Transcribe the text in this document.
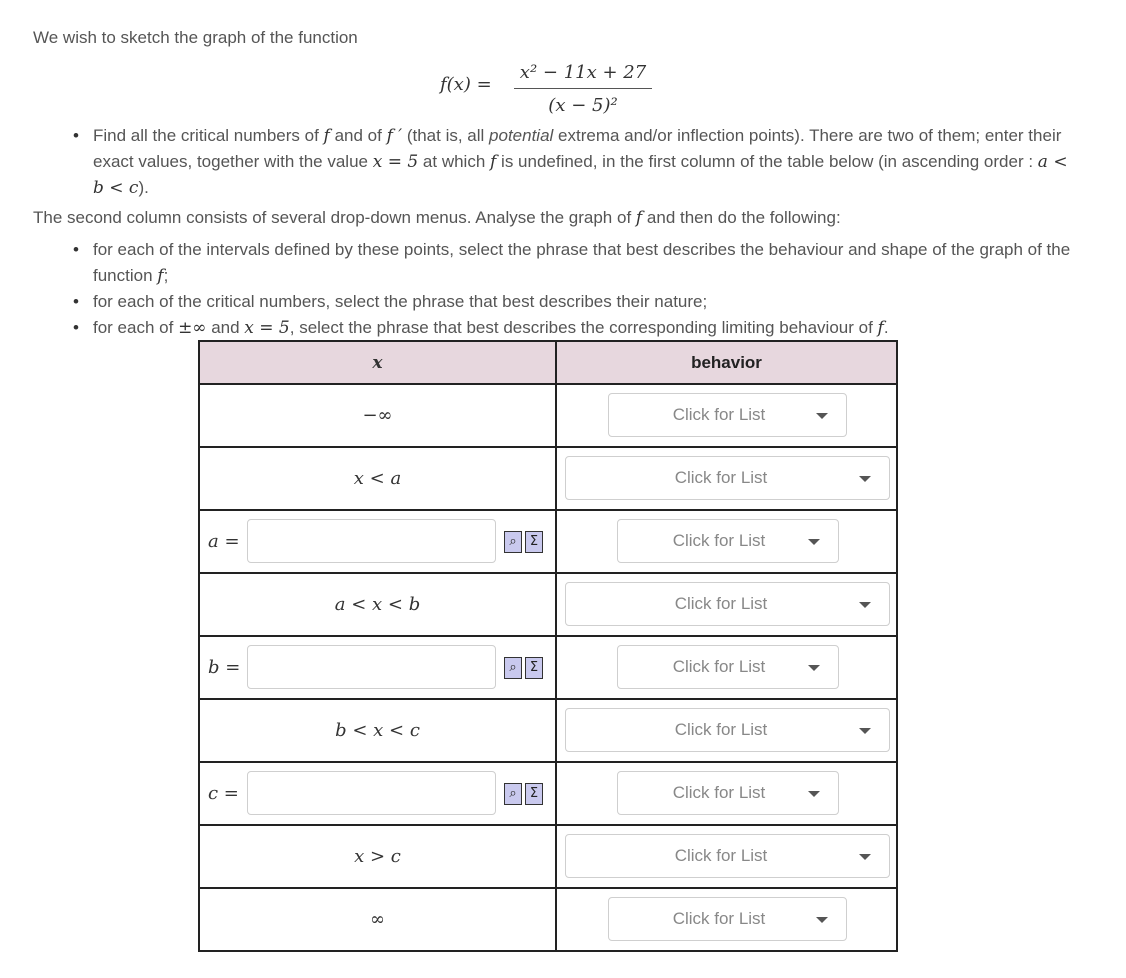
We wish to sketch the graph of the function
$f(x) = \frac{\text{x² − 11x + 27}}{\text{(x − 5)²}}$
• Find all the critical numbers of f and of f ′ (that is, all potential extrema and/or inflection points). There are two of them; enter their exact values, together with the value x = 5 at which f is undefined, in the first column of the table below (in ascending order : a < b < c).
The second column consists of several drop-down menus. Analyse the graph of f and then do the following:
• for each of the intervals defined by these points, select the phrase that best describes the behaviour and shape of the graph of the function f;
• for each of the critical numbers, select the phrase that best describes their nature;
• for each of ±∞ and x = 5, select the phrase that best describes the corresponding limiting behaviour of f.
x	behavior
−∞	Click for List

x < a	Click for List

a = ⌕ Σ	Click for List

a < x < b	Click for List

b = ⌕ Σ	Click for List

b < x < c	Click for List

c = ⌕ Σ	Click for List

x > c	Click for List

∞	Click for List
